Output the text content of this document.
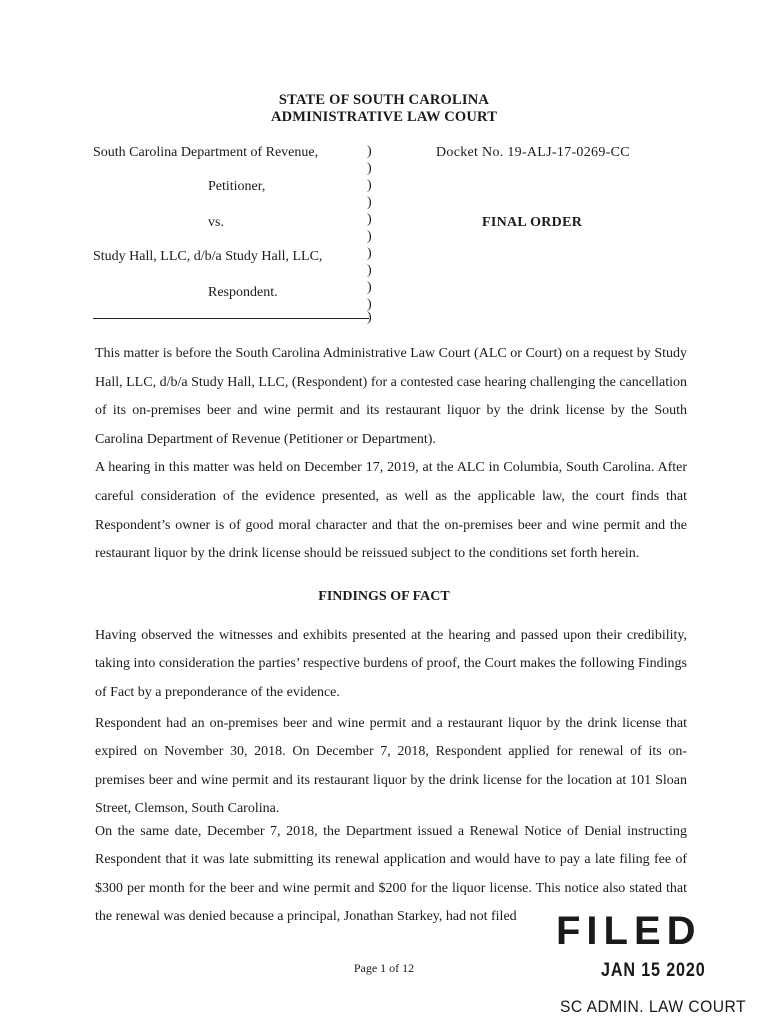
STATE OF SOUTH CAROLINA
ADMINISTRATIVE LAW COURT
South Carolina Department of Revenue,
Petitioner,
vs.
Study Hall, LLC, d/b/a Study Hall, LLC,
Respondent.
)
)
)
)
)
)
)
)
)
)
)
Docket No. 19-ALJ-17-0269-CC
FINAL ORDER

This matter is before the South Carolina Administrative Law Court (ALC or Court) on a request by Study Hall, LLC, d/b/a Study Hall, LLC, (Respondent) for a contested case hearing challenging the cancellation of its on-premises beer and wine permit and its restaurant liquor by the drink license by the South Carolina Department of Revenue (Petitioner or Department).

A hearing in this matter was held on December 17, 2019, at the ALC in Columbia, South Carolina. After careful consideration of the evidence presented, as well as the applicable law, the court finds that Respondent’s owner is of good moral character and that the on-premises beer and wine permit and the restaurant liquor by the drink license should be reissued subject to the conditions set forth herein.

FINDINGS OF FACT

Having observed the witnesses and exhibits presented at the hearing and passed upon their credibility, taking into consideration the parties’ respective burdens of proof, the Court makes the following Findings of Fact by a preponderance of the evidence.

Respondent had an on-premises beer and wine permit and a restaurant liquor by the drink license that expired on November 30, 2018. On December 7, 2018, Respondent applied for renewal of its on-premises beer and wine permit and its restaurant liquor by the drink license for the location at 101 Sloan Street, Clemson, South Carolina.

On the same date, December 7, 2018, the Department issued a Renewal Notice of Denial instructing Respondent that it was late submitting its renewal application and would have to pay a late filing fee of $300 per month for the beer and wine permit and $200 for the liquor license. This notice also stated that the renewal was denied because a principal, Jonathan Starkey, had not filed

Page 1 of 12
FILED
JAN 15 2020
SC ADMIN. LAW COURT
